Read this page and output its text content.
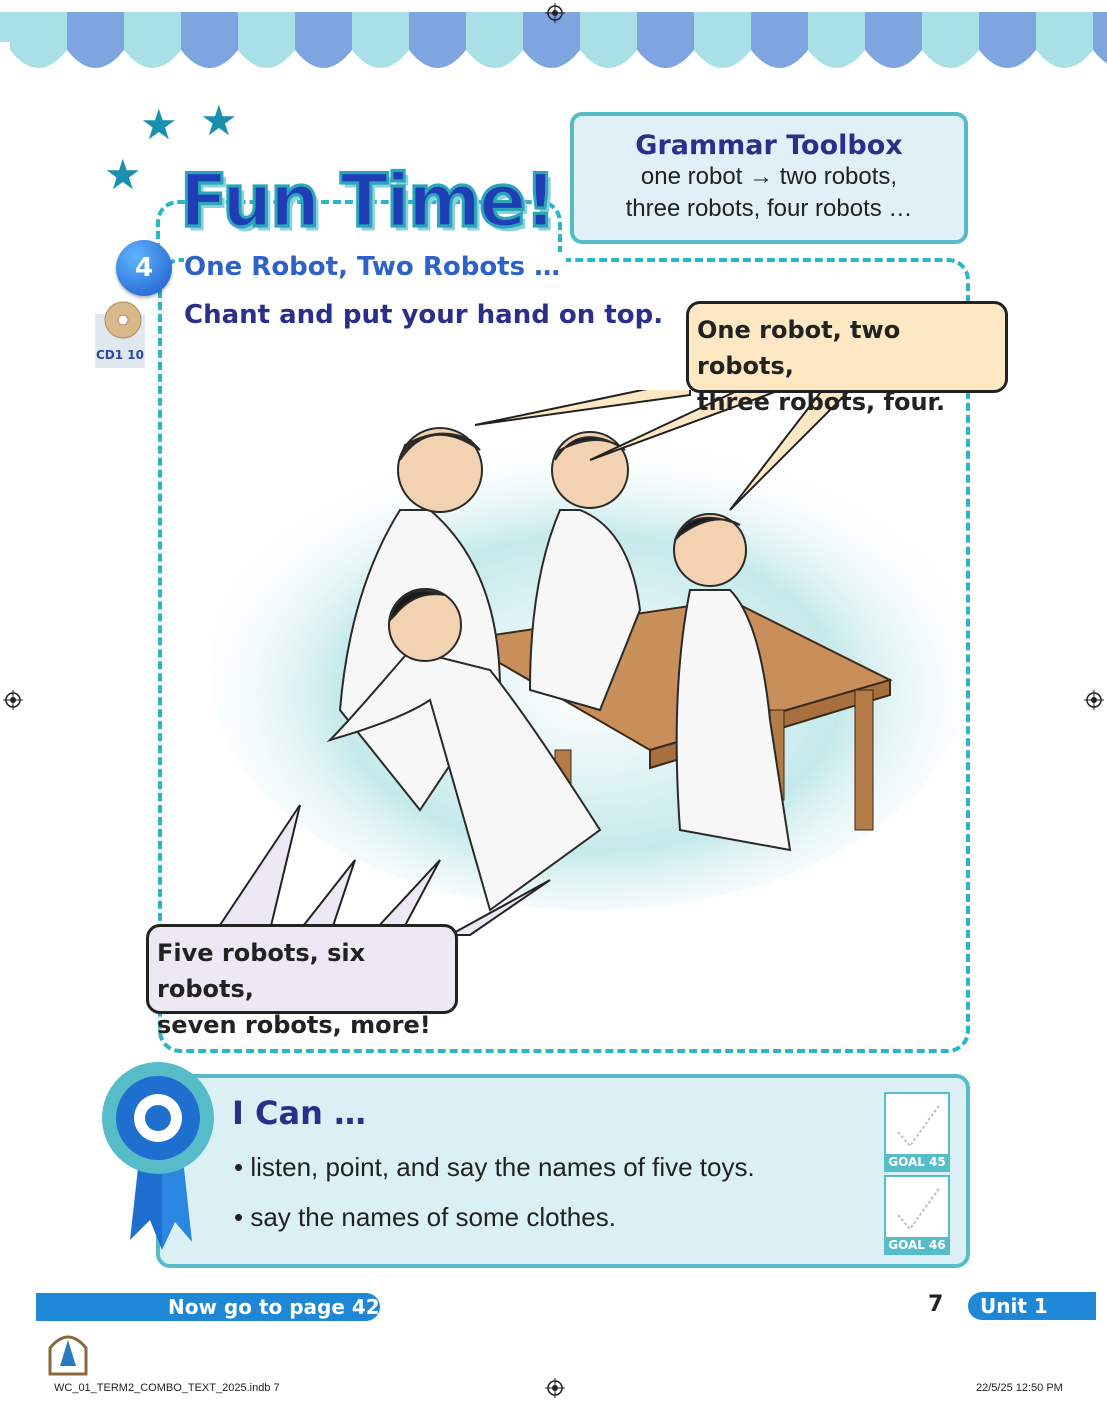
★ ★
★ Fun Time!
Grammar Toolbox
one robot → two robots,
three robots, four robots …
4	One Robot, Two Robots …
CD1 10
Chant and put your hand on top. One robot, two robots,
three robots, four.
Five robots, six robots,
seven robots, more!
I Can …
• listen, point, and say the names of five toys.
• say the names of some clothes.
GOAL 45
GOAL 46
Now go to page 42	7	Unit 1
WC_01_TERM2_COMBO_TEXT_2025.indb 7	22/5/25 12:50 PM
